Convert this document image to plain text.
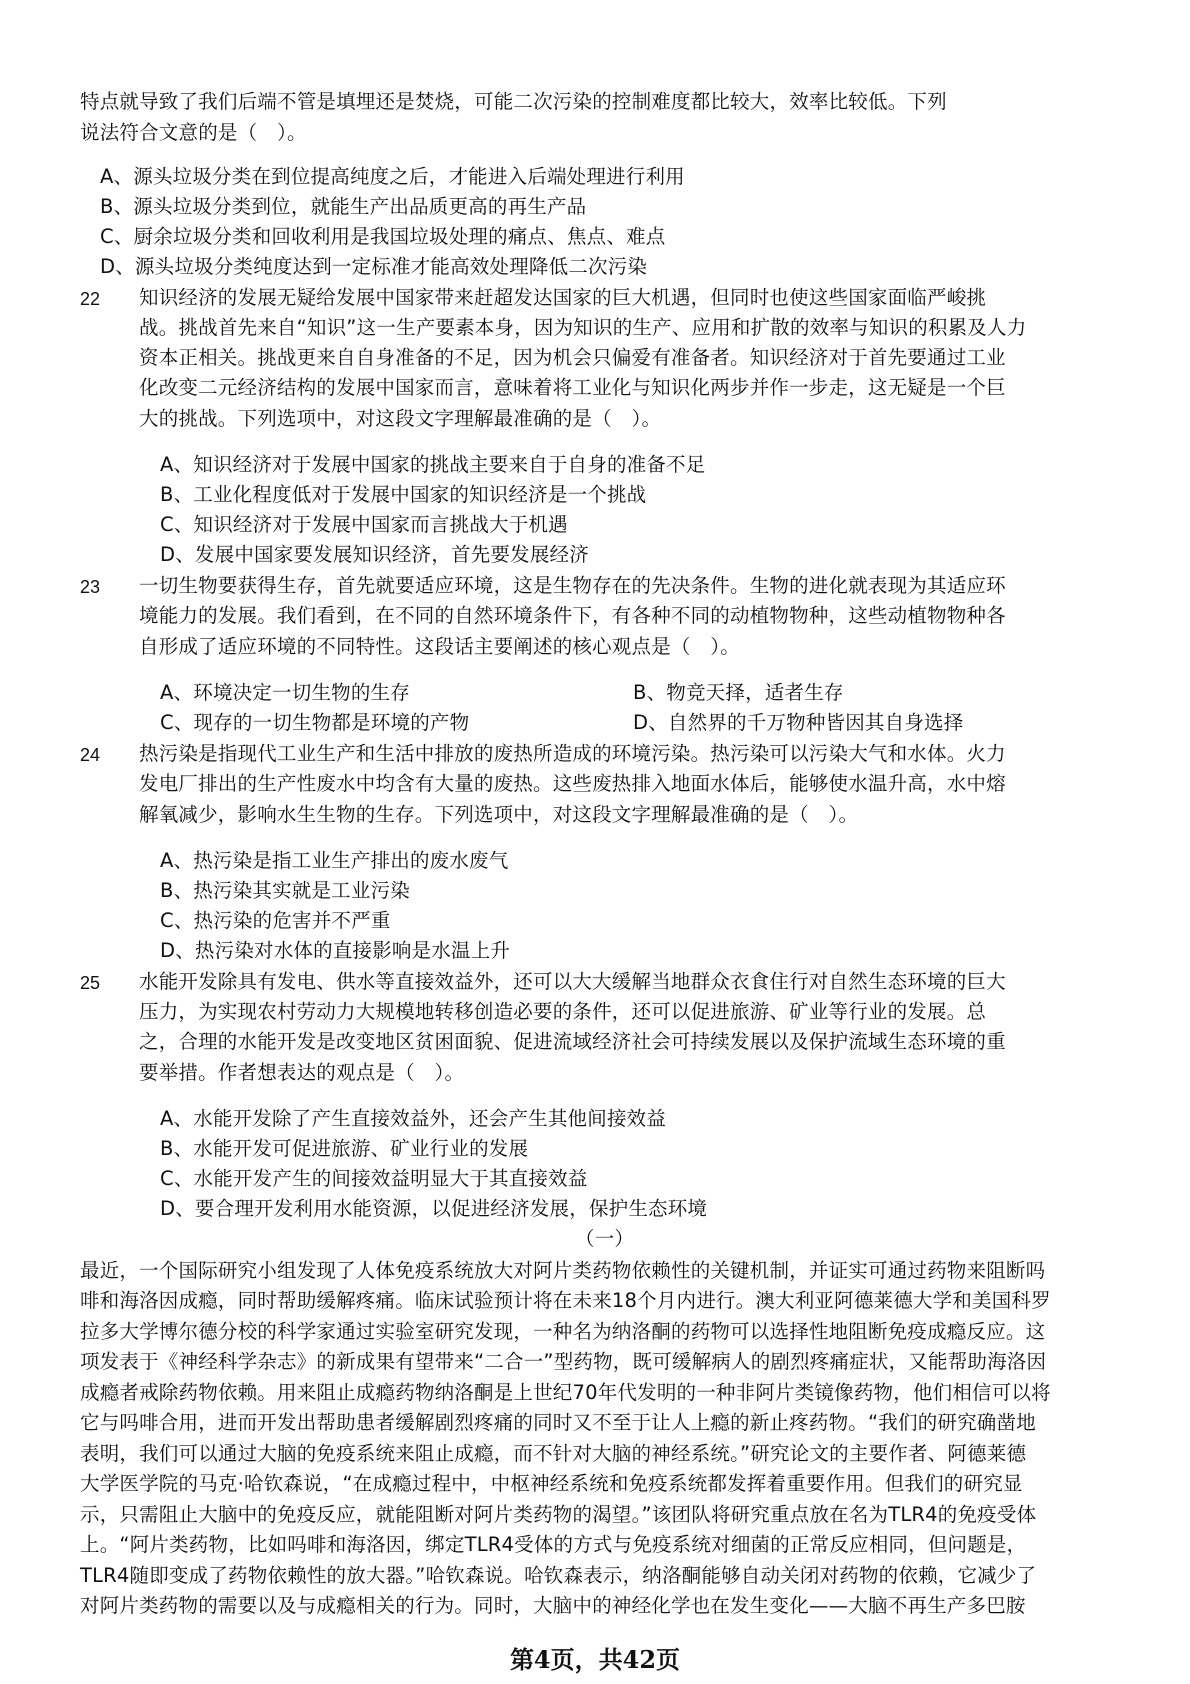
特点就导致了我们后端不管是填埋还是焚烧，可能二次污染的控制难度都比较大，效率比较低。下列
说法符合文意的是（　）。
A、源头垃圾分类在到位提高纯度之后，才能进入后端处理进行利用
B、源头垃圾分类到位，就能生产出品质更高的再生产品
C、厨余垃圾分类和回收利用是我国垃圾处理的痛点、焦点、难点
D、源头垃圾分类纯度达到一定标准才能高效处理降低二次污染
22 知识经济的发展无疑给发展中国家带来赶超发达国家的巨大机遇，但同时也使这些国家面临严峻挑
战。挑战首先来自“知识”这一生产要素本身，因为知识的生产、应用和扩散的效率与知识的积累及人力
资本正相关。挑战更来自自身准备的不足，因为机会只偏爱有准备者。知识经济对于首先要通过工业
化改变二元经济结构的发展中国家而言，意味着将工业化与知识化两步并作一步走，这无疑是一个巨
大的挑战。下列选项中，对这段文字理解最准确的是（　）。
A、知识经济对于发展中国家的挑战主要来自于自身的准备不足
B、工业化程度低对于发展中国家的知识经济是一个挑战
C、知识经济对于发展中国家而言挑战大于机遇
D、发展中国家要发展知识经济，首先要发展经济
23 一切生物要获得生存，首先就要适应环境，这是生物存在的先决条件。生物的进化就表现为其适应环
境能力的发展。我们看到，在不同的自然环境条件下，有各种不同的动植物物种，这些动植物物种各
自形成了适应环境的不同特性。这段话主要阐述的核心观点是（　）。
A、环境决定一切生物的生存	B、物竞天择，适者生存
C、现存的一切生物都是环境的产物	D、自然界的千万物种皆因其自身选择
24 热污染是指现代工业生产和生活中排放的废热所造成的环境污染。热污染可以污染大气和水体。火力
发电厂排出的生产性废水中均含有大量的废热。这些废热排入地面水体后，能够使水温升高，水中熔
解氧减少，影响水生生物的生存。下列选项中，对这段文字理解最准确的是（　）。
A、热污染是指工业生产排出的废水废气
B、热污染其实就是工业污染
C、热污染的危害并不严重
D、热污染对水体的直接影响是水温上升
25 水能开发除具有发电、供水等直接效益外，还可以大大缓解当地群众衣食住行对自然生态环境的巨大
压力，为实现农村劳动力大规模地转移创造必要的条件，还可以促进旅游、矿业等行业的发展。总
之，合理的水能开发是改变地区贫困面貌、促进流域经济社会可持续发展以及保护流域生态环境的重
要举措。作者想表达的观点是（　）。
A、水能开发除了产生直接效益外，还会产生其他间接效益
B、水能开发可促进旅游、矿业行业的发展
C、水能开发产生的间接效益明显大于其直接效益
D、要合理开发利用水能资源，以促进经济发展，保护生态环境
（一）
最近，一个国际研究小组发现了人体免疫系统放大对阿片类药物依赖性的关键机制，并证实可通过药物来阻断吗
啡和海洛因成瘾，同时帮助缓解疼痛。临床试验预计将在未来18个月内进行。澳大利亚阿德莱德大学和美国科罗
拉多大学博尔德分校的科学家通过实验室研究发现，一种名为纳洛酮的药物可以选择性地阻断免疫成瘾反应。这
项发表于《神经科学杂志》的新成果有望带来“二合一”型药物，既可缓解病人的剧烈疼痛症状，又能帮助海洛因
成瘾者戒除药物依赖。用来阻止成瘾药物纳洛酮是上世纪70年代发明的一种非阿片类镜像药物，他们相信可以将
它与吗啡合用，进而开发出帮助患者缓解剧烈疼痛的同时又不至于让人上瘾的新止疼药物。“我们的研究确凿地
表明，我们可以通过大脑的免疫系统来阻止成瘾，而不针对大脑的神经系统。”研究论文的主要作者、阿德莱德
大学医学院的马克·哈钦森说，“在成瘾过程中，中枢神经系统和免疫系统都发挥着重要作用。但我们的研究显
示，只需阻止大脑中的免疫反应，就能阻断对阿片类药物的渴望。”该团队将研究重点放在名为TLR4的免疫受体
上。“阿片类药物，比如吗啡和海洛因，绑定TLR4受体的方式与免疫系统对细菌的正常反应相同，但问题是，
TLR4随即变成了药物依赖性的放大器。”哈钦森说。哈钦森表示，纳洛酮能够自动关闭对药物的依赖，它减少了
对阿片类药物的需要以及与成瘾相关的行为。同时，大脑中的神经化学也在发生变化——大脑不再生产多巴胺
第4页，共42页
